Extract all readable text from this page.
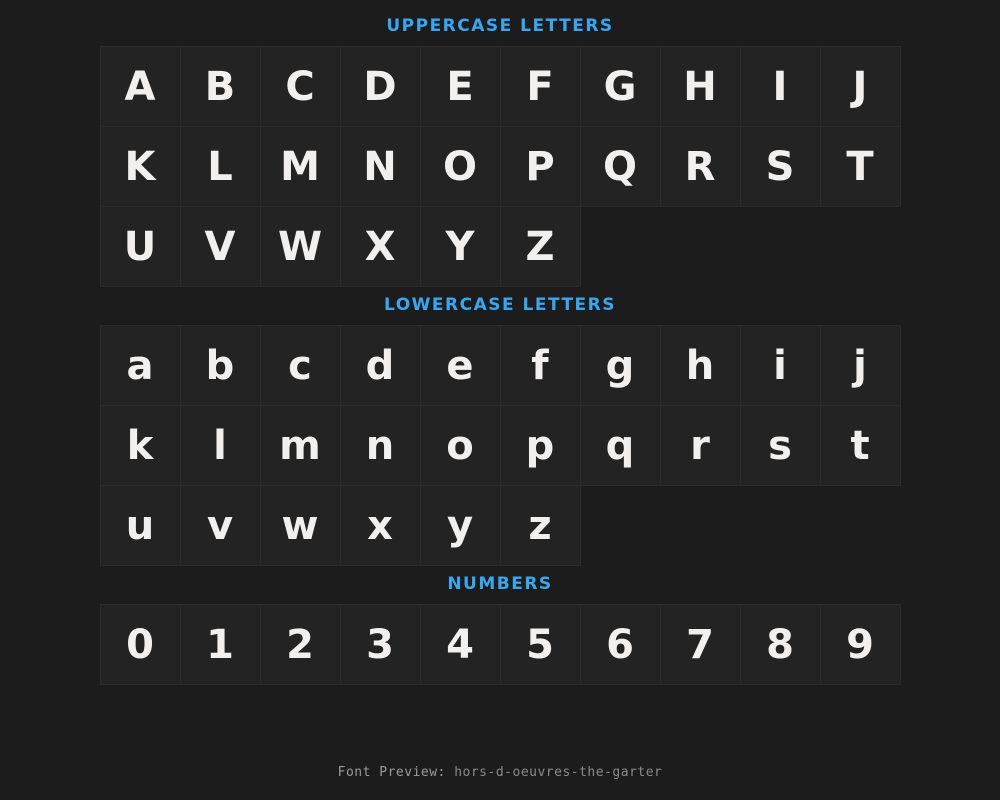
UPPERCASE LETTERS
A	B	C	D	E	F	G	H	I	J
K	L	M	N	O	P	Q	R	S	T
U	V	W	X	Y	Z
LOWERCASE LETTERS
a	b	c	d	e	f	g	h	i	j
k	l	m	n	o	p	q	r	s	t
u	v	w	x	y	z
NUMBERS
0	1	2	3	4	5	6	7	8	9
Font Preview: hors-d-oeuvres-the-garter
